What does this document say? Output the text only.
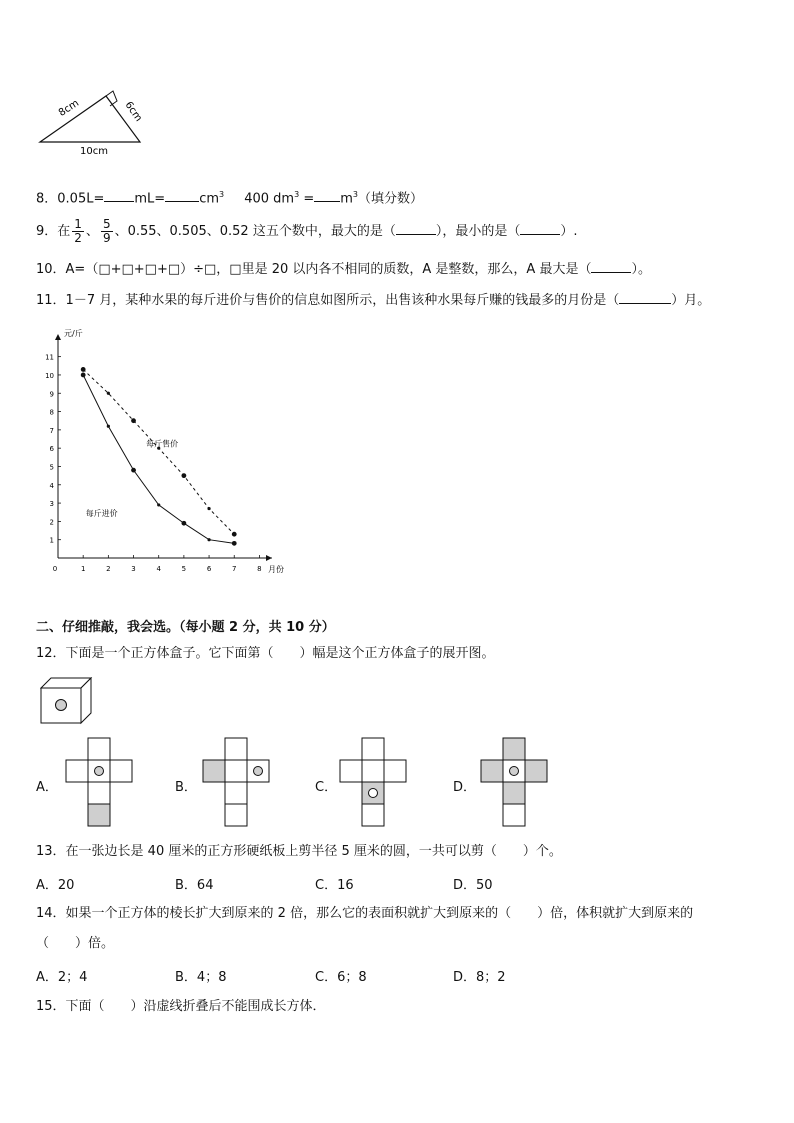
8cm	6cm
10cm
8．0.05L= mL=	$cm^3$ 400 $dm^3 = m^3$（填分数）
9．在 $\frac{1}{2}$ 、 $\frac{5}{9}$ 、0.55、0.505、0.52 这五个数中，最大的是（	），最小的是（	）.
10．A=（□+□+□+□）÷□，□里是 20 以内各不相同的质数，A 是整数，那么，A 最大是（	）。
11．1－7 月，某种水果的每斤进价与售价的信息如图所示，出售该种水果每斤赚的钱最多的月份是（	）月。
元/斤
月份
1
2
3
4
5
6
7
8
9
10
11
0	1	2	3	4	5	6	7	8
每斤售价
每斤进价
二、仔细推敲，我会选。（每小题 2 分，共 10 分）
12．下面是一个正方体盒子。它下面第（　　）幅是这个正方体盒子的展开图。
A．	B．	C．	D．
13．在一张边长是 40 厘米的正方形硬纸板上剪半径 5 厘米的圆，一共可以剪（　　）个。
A．20	B．64	C．16	D．50
14．如果一个正方体的棱长扩大到原来的 2 倍，那么它的表面积就扩大到原来的（　　）倍，体积就扩大到原来的
（　　）倍。
A．2；4	B．4；8	C．6；8	D．8；2
15．下面（　　）沿虚线折叠后不能围成长方体．
